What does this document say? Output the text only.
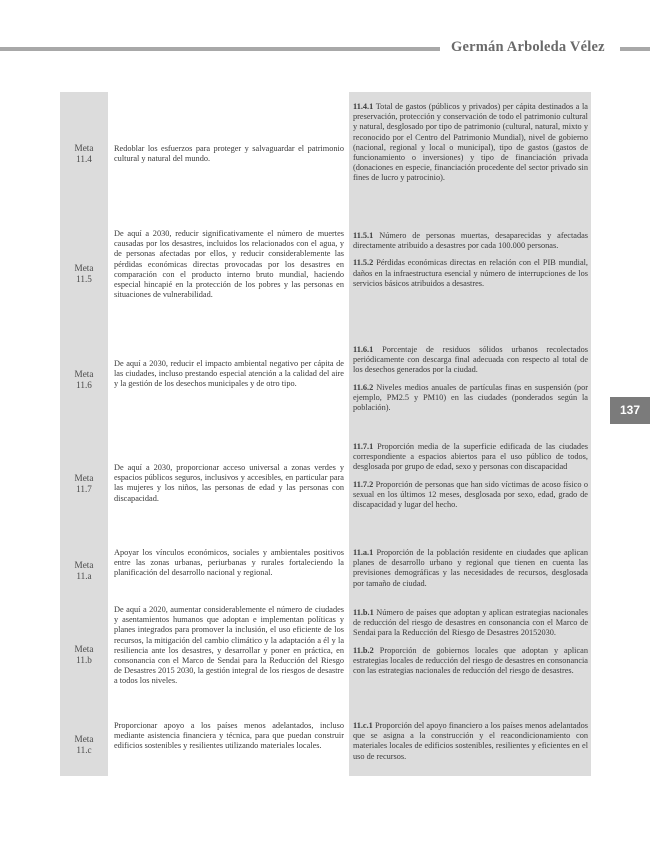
Germán Arboleda Vélez
Meta
11.4
Redoblar los esfuerzos para proteger y salvaguardar el patrimonio cultural y natural del mundo.

11.4.1 Total de gastos (públicos y privados) per cápita destinados a la preservación, protección y conservación de todo el patrimonio cultural y natural, desglosado por tipo de patrimonio (cultural, natural, mixto y reconocido por el Centro del Patrimonio Mundial), nivel de gobierno (nacional, regional y local o municipal), tipo de gastos (gastos de funcionamiento o inversiones) y tipo de financiación privada (donaciones en especie, financiación procedente del sector privado sin fines de lucro y patrocinio).

Meta
11.5
De aquí a 2030, reducir significativamente el número de muertes causadas por los desastres, incluidos los relacionados con el agua, y de personas afectadas por ellos, y reducir considerablemente las pérdidas económicas directas provocadas por los desastres en comparación con el producto interno bruto mundial, haciendo especial hincapié en la protección de los pobres y las personas en situaciones de vulnerabilidad.

11.5.1 Número de personas muertas, desaparecidas y afectadas directamente atribuido a desastres por cada 100.000 personas.

11.5.2 Pérdidas económicas directas en relación con el PIB mundial, daños en la infraestructura esencial y número de interrupciones de los servicios básicos atribuidos a desastres.

Meta
11.6
De aquí a 2030, reducir el impacto ambiental negativo per cápita de las ciudades, incluso prestando especial atención a la calidad del aire y la gestión de los desechos municipales y de otro tipo.

11.6.1 Porcentaje de residuos sólidos urbanos recolectados periódicamente con descarga final adecuada con respecto al total de los desechos generados por la ciudad.

11.6.2 Niveles medios anuales de partículas finas en suspensión (por ejemplo, PM2.5 y PM10) en las ciudades (ponderados según la población).

Meta
11.7
De aquí a 2030, proporcionar acceso universal a zonas verdes y espacios públicos seguros, inclusivos y accesibles, en particular para las mujeres y los niños, las personas de edad y las personas con discapacidad.

11.7.1 Proporción media de la superficie edificada de las ciudades correspondiente a espacios abiertos para el uso público de todos, desglosada por grupo de edad, sexo y personas con discapacidad

11.7.2 Proporción de personas que han sido víctimas de acoso físico o sexual en los últimos 12 meses, desglosada por sexo, edad, grado de discapacidad y lugar del hecho.

Meta
11.a
Apoyar los vínculos económicos, sociales y ambientales positivos entre las zonas urbanas, periurbanas y rurales fortaleciendo la planificación del desarrollo nacional y regional.

11.a.1 Proporción de la población residente en ciudades que aplican planes de desarrollo urbano y regional que tienen en cuenta las previsiones demográficas y las necesidades de recursos, desglosada por tamaño de ciudad.

Meta
11.b
De aquí a 2020, aumentar considerablemente el número de ciudades y asentamientos humanos que adoptan e implementan políticas y planes integrados para promover la inclusión, el uso eficiente de los recursos, la mitigación del cambio climático y la adaptación a él y la resiliencia ante los desastres, y desarrollar y poner en práctica, en consonancia con el Marco de Sendai para la Reducción del Riesgo de Desastres 2015 2030, la gestión integral de los riesgos de desastre a todos los niveles.

11.b.1 Número de países que adoptan y aplican estrategias nacionales de reducción del riesgo de desastres en consonancia con el Marco de Sendai para la Reducción del Riesgo de Desastres 20152030.

11.b.2 Proporción de gobiernos locales que adoptan y aplican estrategias locales de reducción del riesgo de desastres en consonancia con las estrategias nacionales de reducción del riesgo de desastres.

Meta
11.c
Proporcionar apoyo a los países menos adelantados, incluso mediante asistencia financiera y técnica, para que puedan construir edificios sostenibles y resilientes utilizando materiales locales.

11.c.1 Proporción del apoyo financiero a los países menos adelantados que se asigna a la construcción y el reacondicionamiento con materiales locales de edificios sostenibles, resilientes y eficientes en el uso de recursos.

137
